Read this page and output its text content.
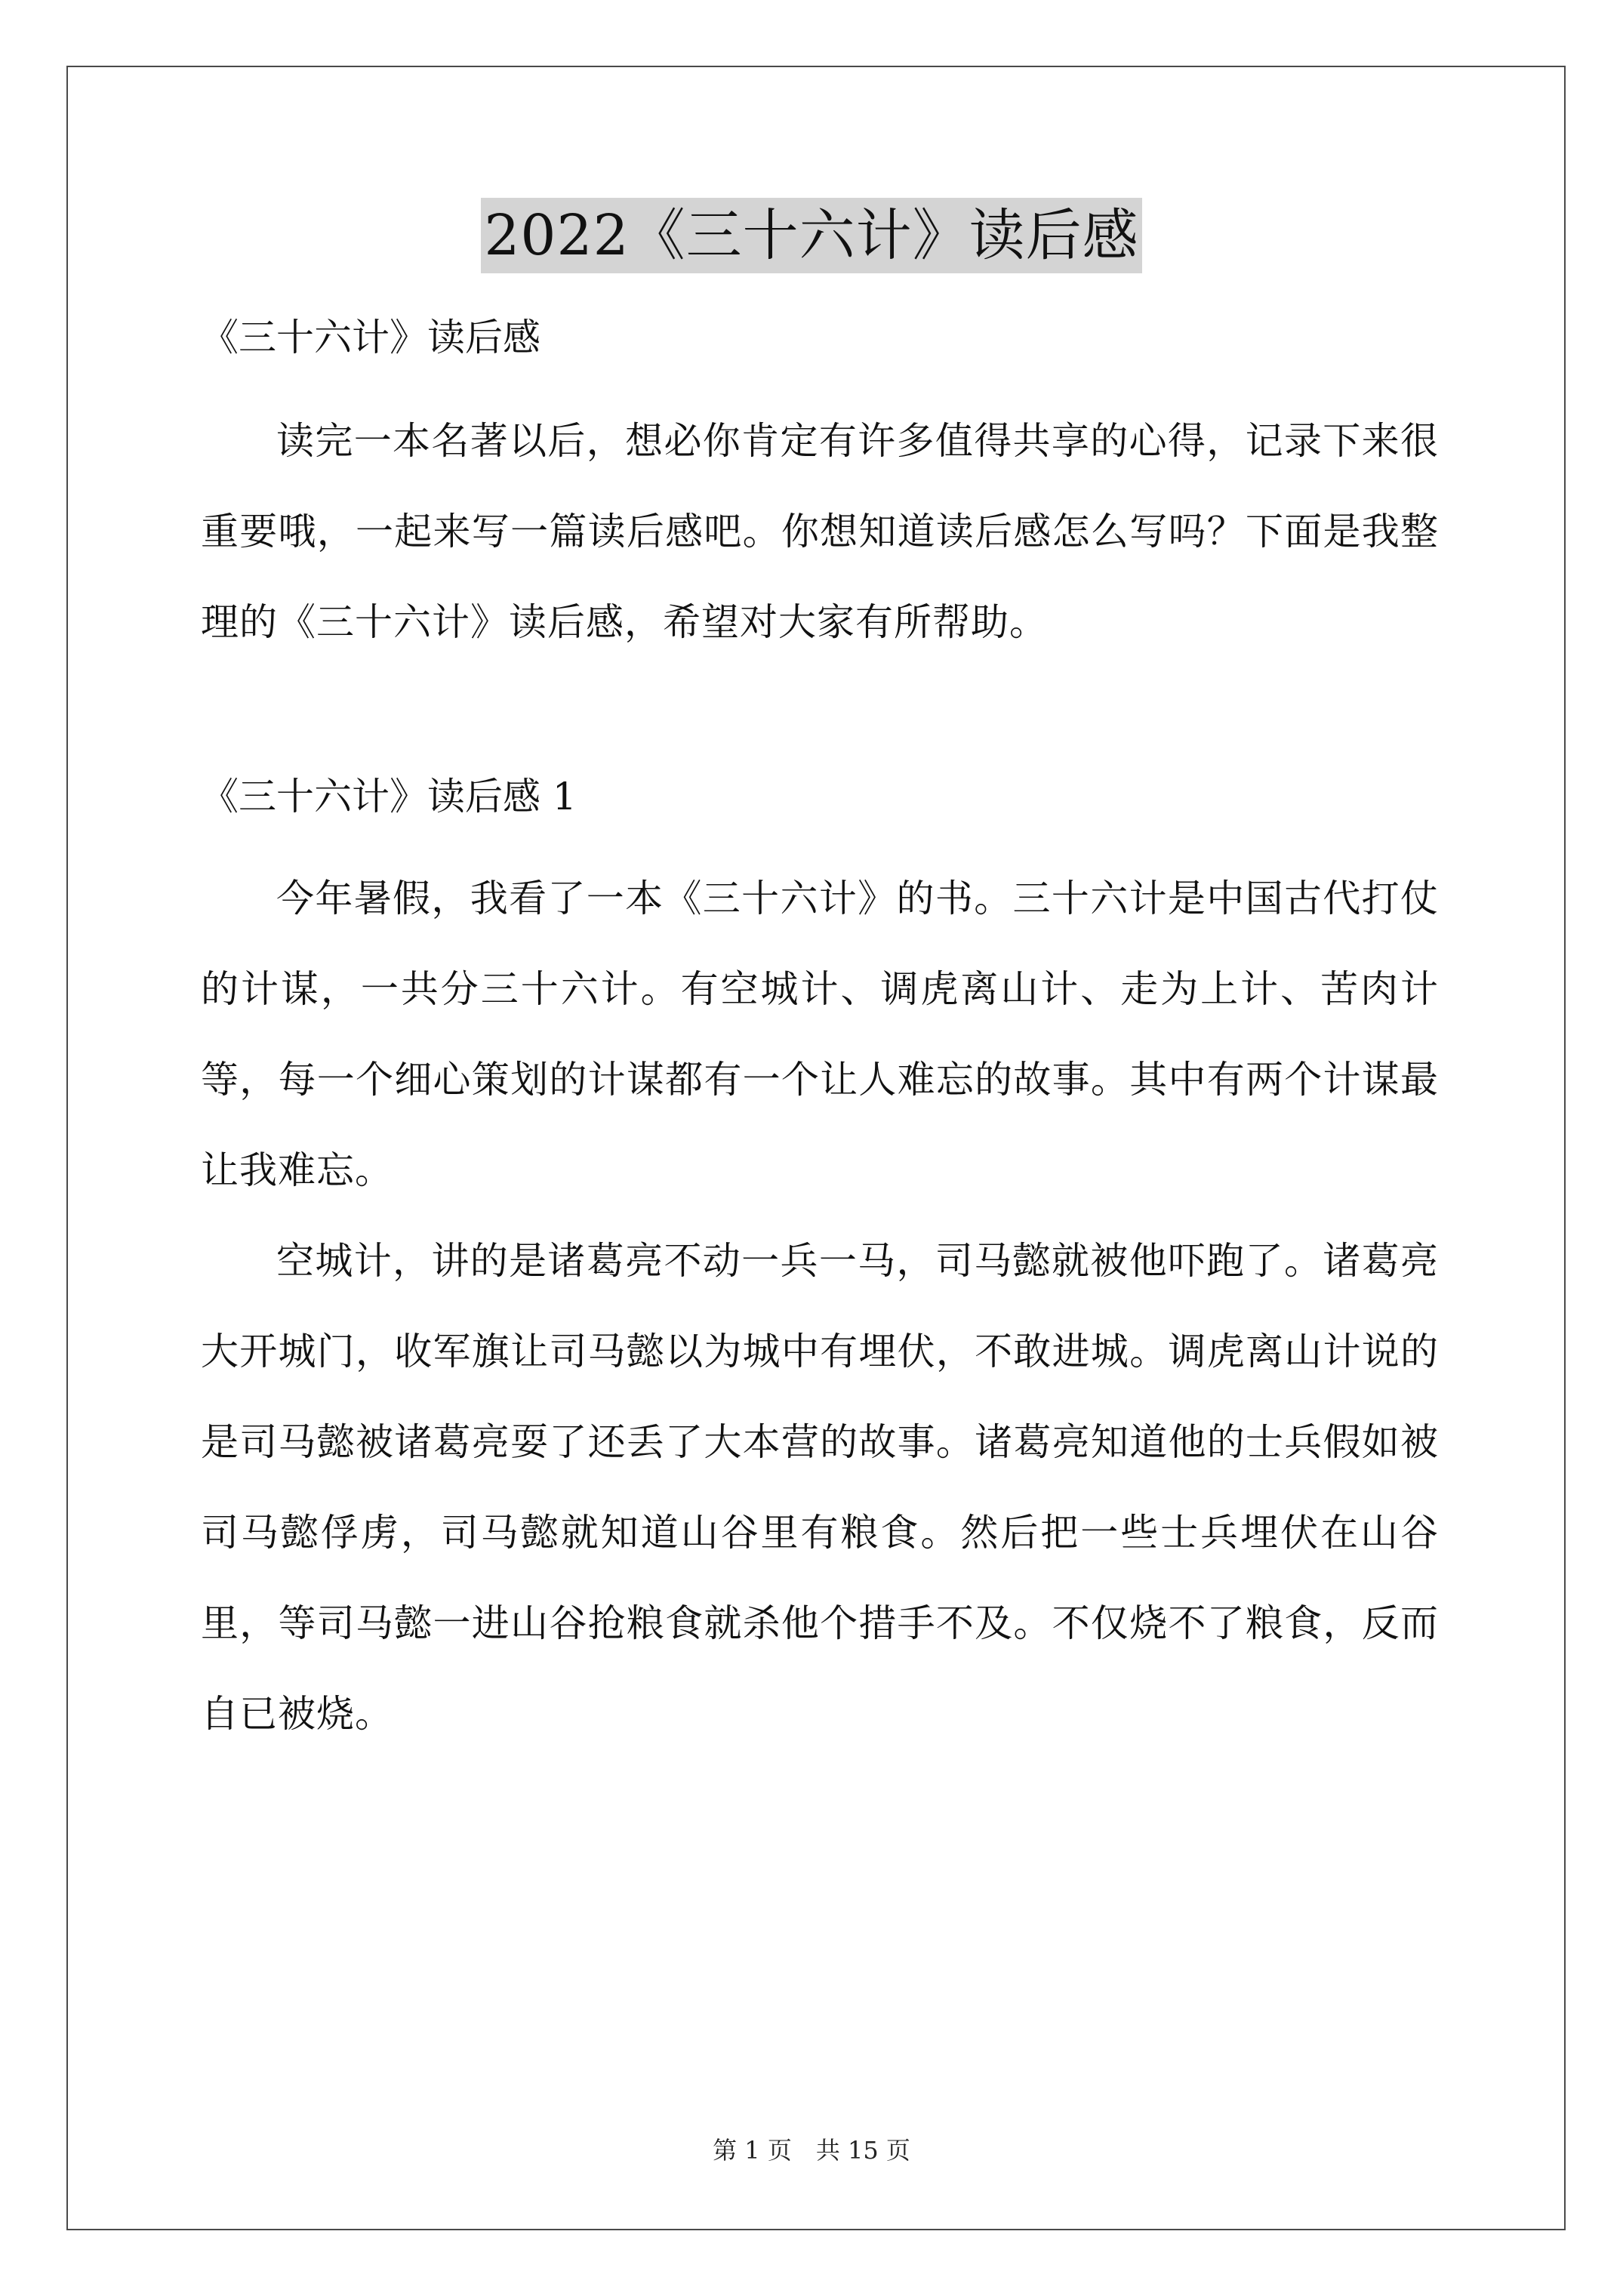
2022《三十六计》读后感

《三十六计》读后感

读完一本名著以后，想必你肯定有许多值得共享的心得，记录下来很重要哦，一起来写一篇读后感吧。你想知道读后感怎么写吗？下面是我整理的《三十六计》读后感，希望对大家有所帮助。

《三十六计》读后感 1

今年暑假，我看了一本《三十六计》的书。三十六计是中国古代打仗的计谋，一共分三十六计。有空城计、调虎离山计、走为上计、苦肉计等，每一个细心策划的计谋都有一个让人难忘的故事。其中有两个计谋最让我难忘。

空城计，讲的是诸葛亮不动一兵一马，司马懿就被他吓跑了。诸葛亮大开城门，收军旗让司马懿以为城中有埋伏，不敢进城。调虎离山计说的是司马懿被诸葛亮耍了还丢了大本营的故事。诸葛亮知道他的士兵假如被司马懿俘虏，司马懿就知道山谷里有粮食。然后把一些士兵埋伏在山谷里，等司马懿一进山谷抢粮食就杀他个措手不及。不仅烧不了粮食，反而自已被烧。

第 1 页　共 15 页
